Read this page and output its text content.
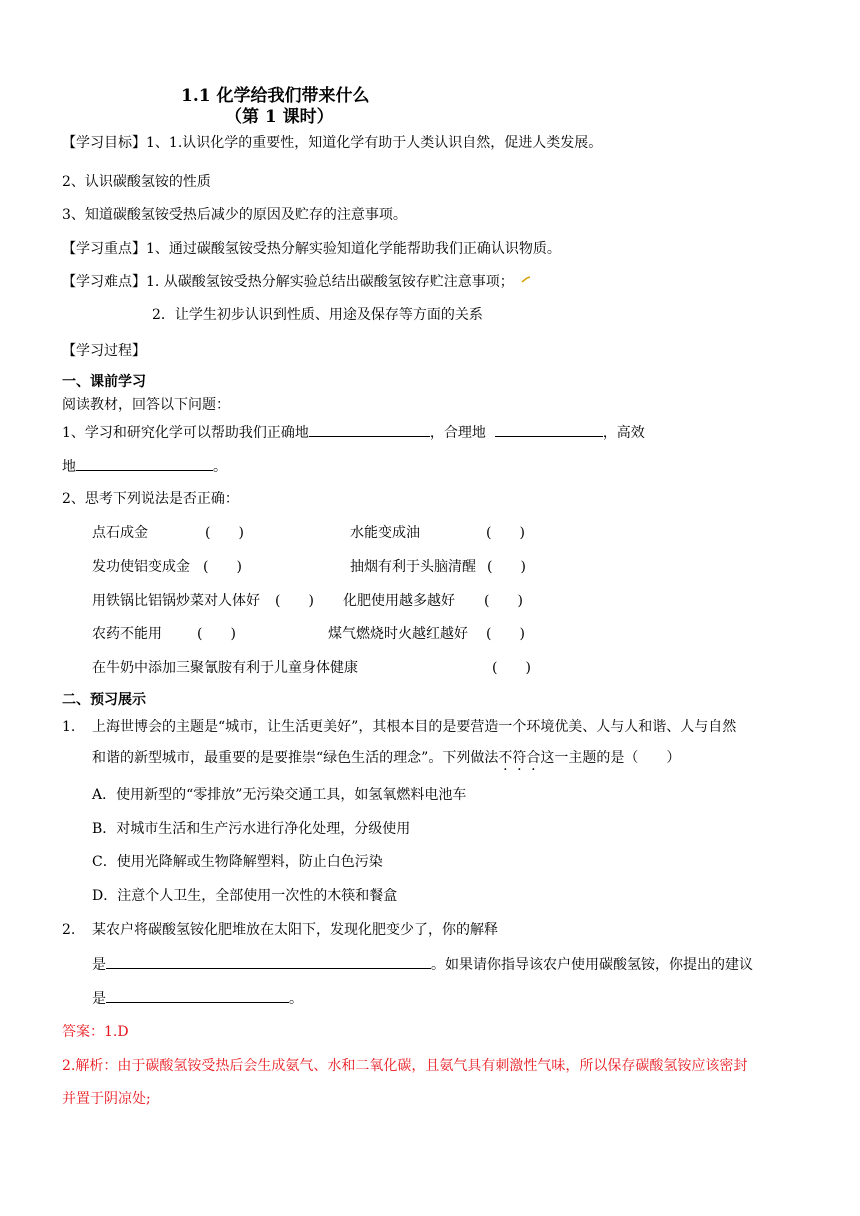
1.1 化学给我们带来什么
（第 1 课时）
【学习目标】1、1.认识化学的重要性，知道化学有助于人类认识自然，促进人类发展。
2、认识碳酸氢铵的性质
3、知道碳酸氢铵受热后减少的原因及贮存的注意事项。
【学习重点】1、通过碳酸氢铵受热分解实验知道化学能帮助我们正确认识物质。
【学习难点】1. 从碳酸氢铵受热分解实验总结出碳酸氢铵存贮注意事项；
2．让学生初步认识到性质、用途及保存等方面的关系
【学习过程】
一、课前学习
阅读教材，回答以下问题：
1、学习和研究化学可以帮助我们正确地	，合理地	，高效
地	。
2、思考下列说法是否正确：
点石成金	(　　)	水能变成油	(　　)
发功使铝变成金 (　　)	抽烟有利于头脑清醒 (　　)
用铁锅比铝锅炒菜对人体好 (　　) 化肥使用越多越好 (　　)
农药不能用	(　　)	煤气燃烧时火越红越好 (　　)
在牛奶中添加三聚氰胺有利于儿童身体健康	(　　)
二、预习展示
1. 上海世博会的主题是“城市，让生活更美好”，其根本目的是要营造一个环境优美、人与人和谐、人与自然
和谐的新型城市，最重要的是要推崇“绿色生活的理念”。下列做法不符合这一主题的是（　　）
A．使用新型的“零排放”无污染交通工具，如氢氧燃料电池车
B．对城市生活和生产污水进行净化处理，分级使用
C．使用光降解或生物降解塑料，防止白色污染
D．注意个人卫生，全部使用一次性的木筷和餐盒
2. 某农户将碳酸氢铵化肥堆放在太阳下，发现化肥变少了，你的解释
是	。如果请你指导该农户使用碳酸氢铵，你提出的建议
是	。
答案：1.D
2.解析：由于碳酸氢铵受热后会生成氨气、水和二氧化碳，且氨气具有刺激性气味，所以保存碳酸氢铵应该密封
并置于阴凉处;
